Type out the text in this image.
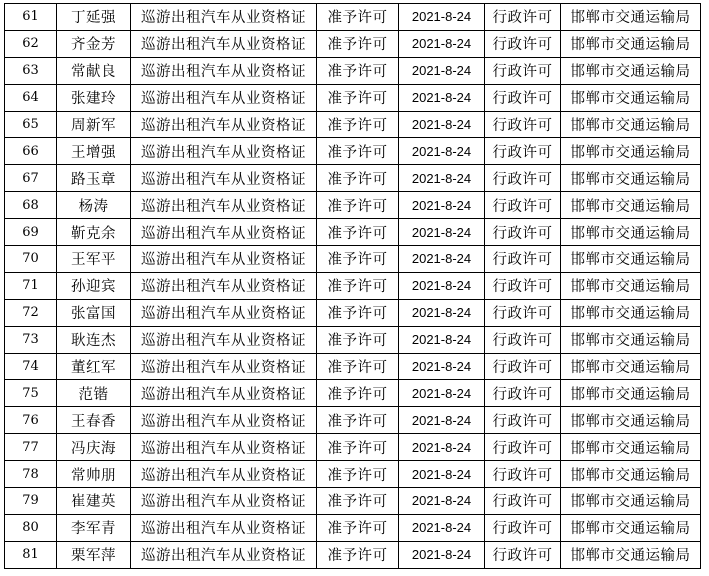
61	丁延强	巡游出租汽车从业资格证	准予许可	2021-8-24	行政许可	邯郸市交通运输局
62	齐金芳	巡游出租汽车从业资格证	准予许可	2021-8-24	行政许可	邯郸市交通运输局
63	常献良	巡游出租汽车从业资格证	准予许可	2021-8-24	行政许可	邯郸市交通运输局
64	张建玲	巡游出租汽车从业资格证	准予许可	2021-8-24	行政许可	邯郸市交通运输局
65	周新军	巡游出租汽车从业资格证	准予许可	2021-8-24	行政许可	邯郸市交通运输局
66	王增强	巡游出租汽车从业资格证	准予许可	2021-8-24	行政许可	邯郸市交通运输局
67	路玉章	巡游出租汽车从业资格证	准予许可	2021-8-24	行政许可	邯郸市交通运输局
68	杨涛	巡游出租汽车从业资格证	准予许可	2021-8-24	行政许可	邯郸市交通运输局
69	靳克余	巡游出租汽车从业资格证	准予许可	2021-8-24	行政许可	邯郸市交通运输局
70	王军平	巡游出租汽车从业资格证	准予许可	2021-8-24	行政许可	邯郸市交通运输局
71	孙迎宾	巡游出租汽车从业资格证	准予许可	2021-8-24	行政许可	邯郸市交通运输局
72	张富国	巡游出租汽车从业资格证	准予许可	2021-8-24	行政许可	邯郸市交通运输局
73	耿连杰	巡游出租汽车从业资格证	准予许可	2021-8-24	行政许可	邯郸市交通运输局
74	董红军	巡游出租汽车从业资格证	准予许可	2021-8-24	行政许可	邯郸市交通运输局
75	范锴	巡游出租汽车从业资格证	准予许可	2021-8-24	行政许可	邯郸市交通运输局
76	王春香	巡游出租汽车从业资格证	准予许可	2021-8-24	行政许可	邯郸市交通运输局
77	冯庆海	巡游出租汽车从业资格证	准予许可	2021-8-24	行政许可	邯郸市交通运输局
78	常帅朋	巡游出租汽车从业资格证	准予许可	2021-8-24	行政许可	邯郸市交通运输局
79	崔建英	巡游出租汽车从业资格证	准予许可	2021-8-24	行政许可	邯郸市交通运输局
80	李军青	巡游出租汽车从业资格证	准予许可	2021-8-24	行政许可	邯郸市交通运输局
81	栗军萍	巡游出租汽车从业资格证	准予许可	2021-8-24	行政许可	邯郸市交通运输局
